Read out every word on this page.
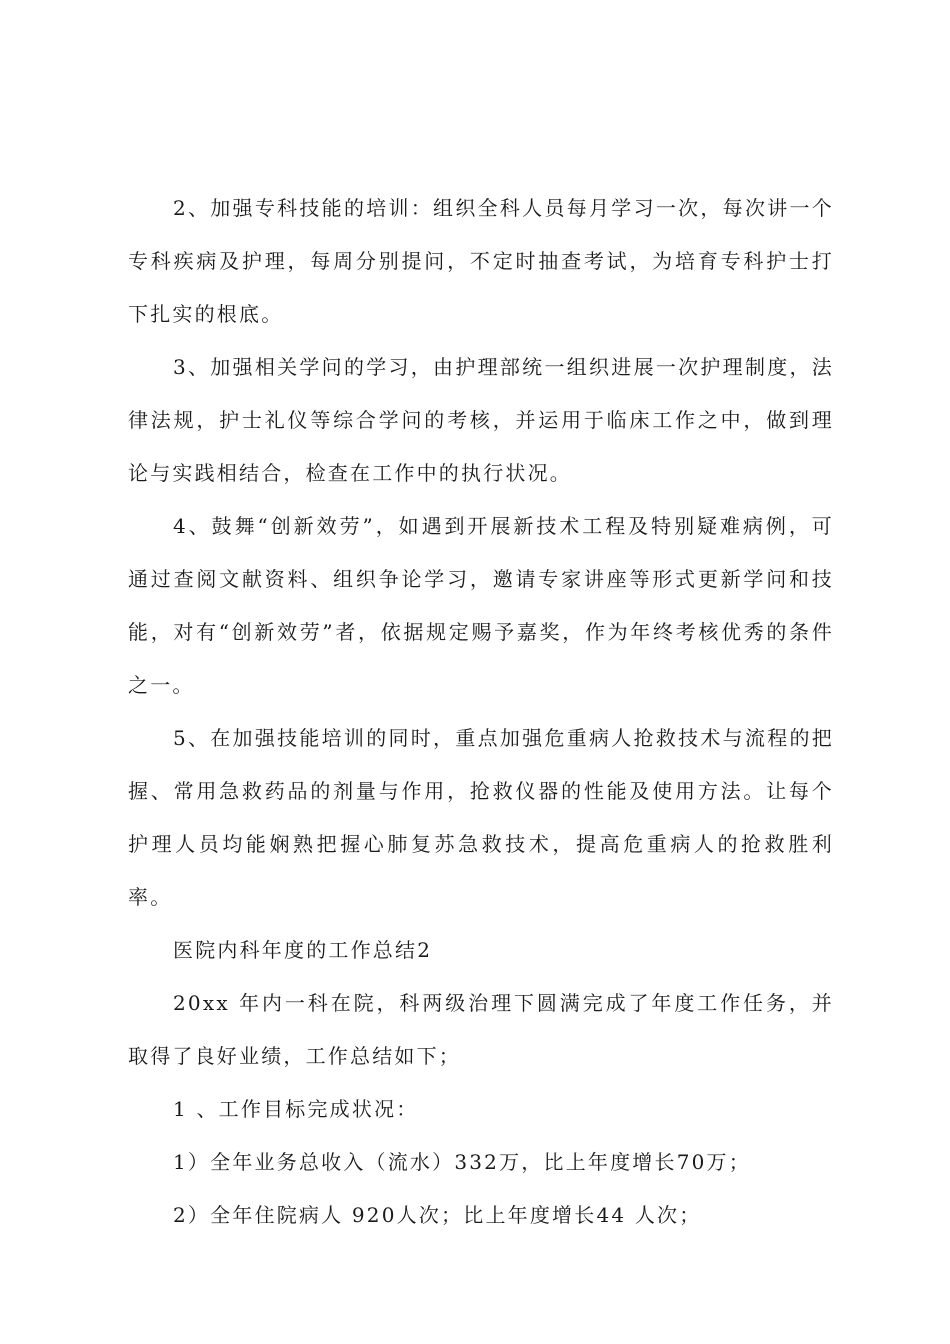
2、加强专科技能的培训：组织全科人员每月学习一次，每次讲一个专科疾病及护理，每周分别提问，不定时抽查考试，为培育专科护士打下扎实的根底。

3、加强相关学问的学习，由护理部统一组织进展一次护理制度，法律法规，护士礼仪等综合学问的考核，并运用于临床工作之中，做到理论与实践相结合，检查在工作中的执行状况。

4、鼓舞“创新效劳”，如遇到开展新技术工程及特别疑难病例，可通过查阅文献资料、组织争论学习，邀请专家讲座等形式更新学问和技能，对有“创新效劳”者，依据规定赐予嘉奖，作为年终考核优秀的条件之一。

5、在加强技能培训的同时，重点加强危重病人抢救技术与流程的把握、常用急救药品的剂量与作用，抢救仪器的性能及使用方法。让每个护理人员均能娴熟把握心肺复苏急救技术，提高危重病人的抢救胜利率。

医院内科年度的工作总结2

20xx 年内一科在院，科两级治理下圆满完成了年度工作任务，并取得了良好业绩，工作总结如下；

1 、工作目标完成状况：

1）全年业务总收入（流水）332万，比上年度增长70万；

2）全年住院病人 920人次；比上年度增长44 人次；
